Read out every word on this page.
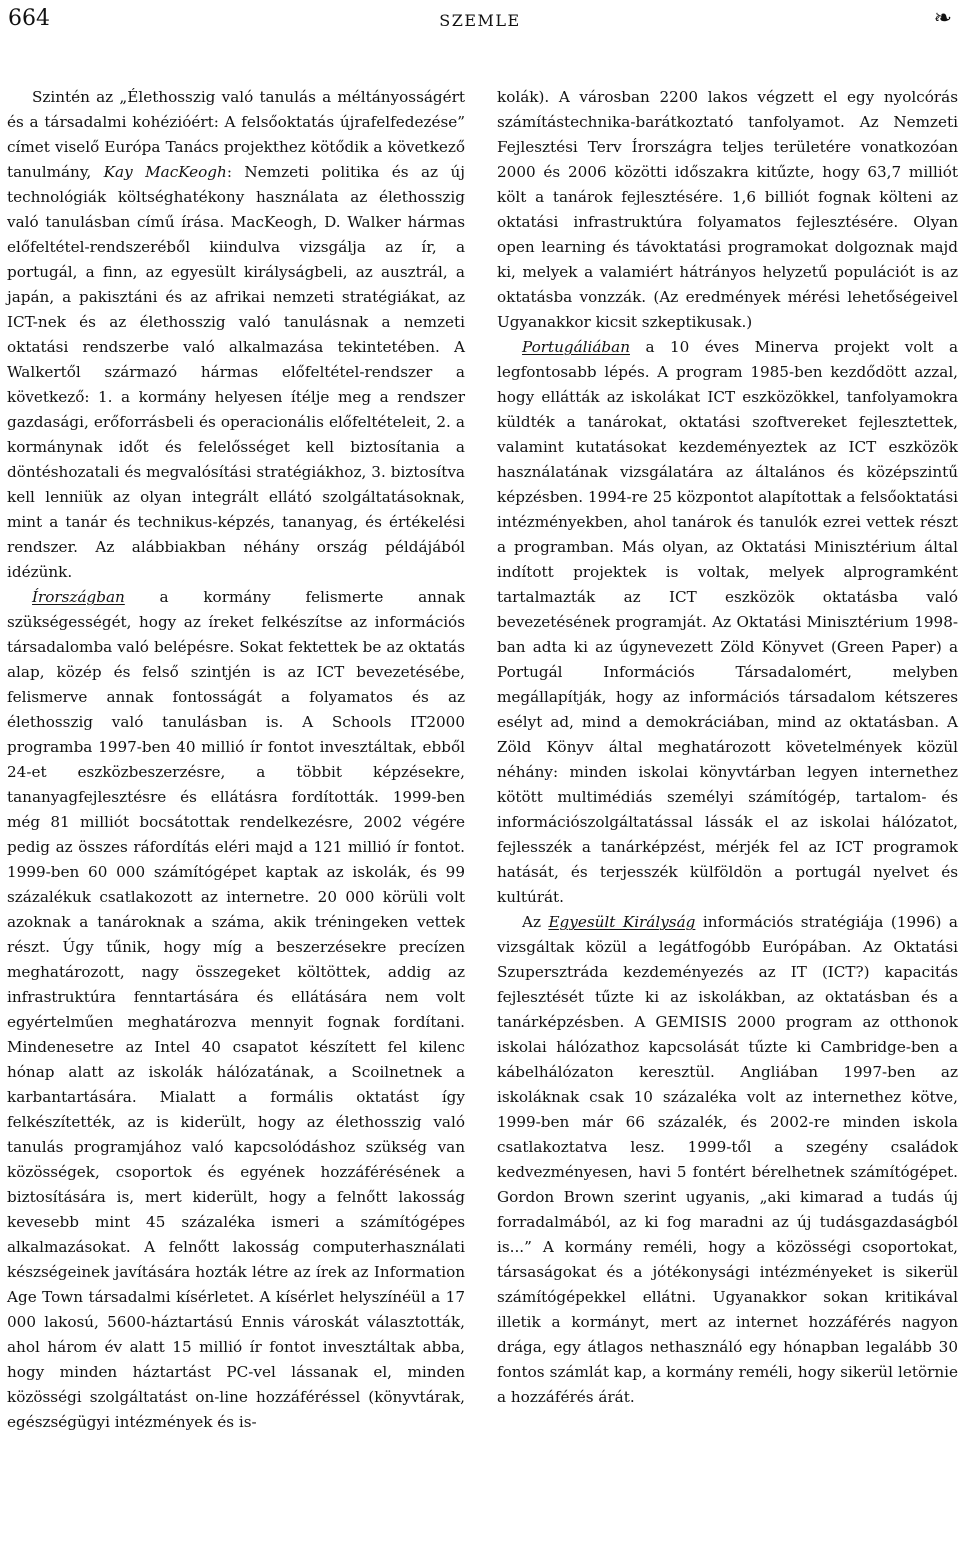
664	SZEMLE	❧

Szintén az „Élethosszig való tanulás a méltányosságért és a társadalmi kohézióért: A felsőoktatás újrafelfedezése” címet viselő Európa Tanács projekthez kötődik a következő tanulmány, Kay MacKeogh: Nemzeti politika és az új technológiák költséghatékony használata az élethosszig való tanulásban című írása. MacKeogh, D. Walker hármas előfeltétel-rendszeréből kiindulva vizsgálja az ír, a portugál, a finn, az egyesült királyságbeli, az ausztrál, a japán, a pakisztáni és az afrikai nemzeti stratégiákat, az ICT-nek és az élethosszig való tanulásnak a nemzeti oktatási rendszerbe való alkalmazása tekintetében. A Walkertől származó hármas előfeltétel-rendszer a következő: 1. a kormány helyesen ítélje meg a rendszer gazdasági, erőforrásbeli és operacionális előfeltételeit, 2. a kormánynak időt és felelősséget kell biztosítania a döntéshozatali és megvalósítási stratégiákhoz, 3. biztosítva kell lenniük az olyan integrált ellátó szolgáltatásoknak, mint a tanár és technikus-képzés, tananyag, és értékelési rendszer. Az alábbiakban néhány ország példájából idézünk.

Írországban a kormány felismerte annak szükségességét, hogy az íreket felkészítse az információs társadalomba való belépésre. Sokat fektettek be az oktatás alap, közép és felső szintjén is az ICT bevezetésébe, felismerve annak fontosságát a folyamatos és az élethosszig való tanulásban is. A Schools IT2000 programba 1997-ben 40 millió ír fontot invesztáltak, ebből 24-et eszközbeszerzésre, a többit képzésekre, tananyagfejlesztésre és ellátásra fordították. 1999-ben még 81 milliót bocsátottak rendelkezésre, 2002 végére pedig az összes ráfordítás eléri majd a 121 millió ír fontot. 1999-ben 60 000 számítógépet kaptak az iskolák, és 99 százalékuk csatlakozott az internetre. 20 000 körüli volt azoknak a tanároknak a száma, akik tréningeken vettek részt. Úgy tűnik, hogy míg a beszerzésekre precízen meghatározott, nagy összegeket költöttek, addig az infrastruktúra fenntartására és ellátására nem volt egyértelműen meghatározva mennyit fognak fordítani. Mindenesetre az Intel 40 csapatot készített fel kilenc hónap alatt az iskolák hálózatának, a Scoilnetnek a karbantartására. Mialatt a formális oktatást így felkészítették, az is kiderült, hogy az élethosszig való tanulás programjához való kapcsolódáshoz szükség van közösségek, csoportok és egyének hozzáférésének a biztosítására is, mert kiderült, hogy a felnőtt lakosság kevesebb mint 45 százaléka ismeri a számítógépes alkalmazásokat. A felnőtt lakosság computerhasználati készségeinek javítására hozták létre az írek az Information Age Town társadalmi kísérletet. A kísérlet helyszínéül a 17 000 lakosú, 5600-háztartású Ennis városkát választották, ahol három év alatt 15 millió ír fontot invesztáltak abba, hogy minden háztartást PC-vel lássanak el, minden közösségi szolgáltatást on-line hozzáféréssel (könyvtárak, egészségügyi intézmények és is-

kolák). A városban 2200 lakos végzett el egy nyolcórás számítástechnika-barátkoztató tanfolyamot. Az Nemzeti Fejlesztési Terv Írországra teljes területére vonatkozóan 2000 és 2006 közötti időszakra kitűzte, hogy 63,7 milliót költ a tanárok fejlesztésére. 1,6 billiót fognak költeni az oktatási infrastruktúra folyamatos fejlesztésére. Olyan open learning és távoktatási programokat dolgoznak majd ki, melyek a valamiért hátrányos helyzetű populációt is az oktatásba vonzzák. (Az eredmények mérési lehetőségeivel Ugyanakkor kicsit szkeptikusak.)

Portugáliában a 10 éves Minerva projekt volt a legfontosabb lépés. A program 1985-ben kezdődött azzal, hogy ellátták az iskolákat ICT eszközökkel, tanfolyamokra küldték a tanárokat, oktatási szoftvereket fejlesztettek, valamint kutatásokat kezdeményeztek az ICT eszközök használatának vizsgálatára az általános és középszintű képzésben. 1994-re 25 központot alapítottak a felsőoktatási intézményekben, ahol tanárok és tanulók ezrei vettek részt a programban. Más olyan, az Oktatási Minisztérium által indított projektek is voltak, melyek alprogramként tartalmazták az ICT eszközök oktatásba való bevezetésének programját. Az Oktatási Minisztérium 1998-ban adta ki az úgynevezett Zöld Könyvet (Green Paper) a Portugál Információs Társadalomért, melyben megállapítják, hogy az információs társadalom kétszeres esélyt ad, mind a demokráciában, mind az oktatásban. A Zöld Könyv által meghatározott követelmények közül néhány: minden iskolai könyvtárban legyen internethez kötött multimédiás személyi számítógép, tartalom- és információszolgáltatással lássák el az iskolai hálózatot, fejlesszék a tanárképzést, mérjék fel az ICT programok hatását, és terjesszék külföldön a portugál nyelvet és kultúrát.

Az Egyesült Királyság információs stratégiája (1996) a vizsgáltak közül a legátfogóbb Európában. Az Oktatási Szupersztráda kezdeményezés az IT (ICT?) kapacitás fejlesztését tűzte ki az iskolákban, az oktatásban és a tanárképzésben. A GEMISIS 2000 program az otthonok iskolai hálózathoz kapcsolását tűzte ki Cambridge-ben a kábelhálózaton keresztül. Angliában 1997-ben az iskoláknak csak 10 százaléka volt az internethez kötve, 1999-ben már 66 százalék, és 2002-re minden iskola csatlakoztatva lesz. 1999-től a szegény családok kedvezményesen, havi 5 fontért bérelhetnek számítógépet. Gordon Brown szerint ugyanis, „aki kimarad a tudás új forradalmából, az ki fog maradni az új tudásgazdaságból is...” A kormány reméli, hogy a közösségi csoportokat, társaságokat és a jótékonysági intézményeket is sikerül számítógépekkel ellátni. Ugyanakkor sokan kritikával illetik a kormányt, mert az internet hozzáférés nagyon drága, egy átlagos nethasználó egy hónapban legalább 30 fontos számlát kap, a kormány reméli, hogy sikerül letörnie a hozzáférés árát.
